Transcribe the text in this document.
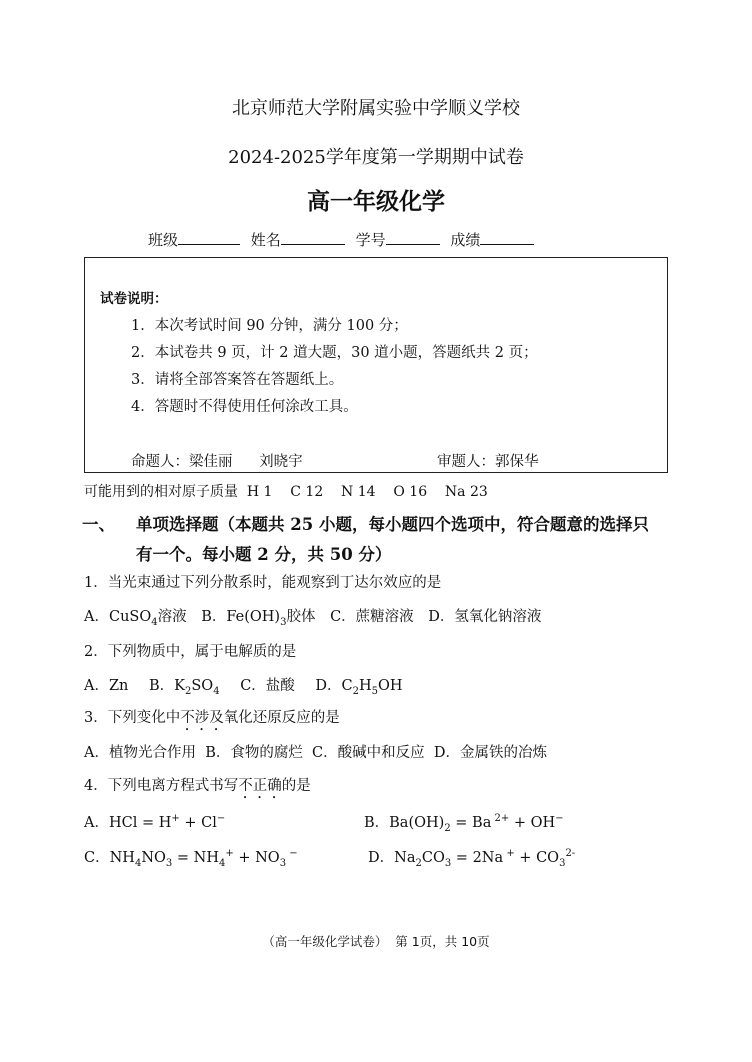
北京师范大学附属实验中学顺义学校
2024-2025学年度第一学期期中试卷
高一年级化学
班级	姓名	学号	成绩
试卷说明：
1．本次考试时间 90 分钟，满分 100 分；
2．本试卷共 9 页，计 2 道大题，30 道小题，答题纸共 2 页；
3．请将全部答案答在答题纸上。
4．答题时不得使用任何涂改工具。
命题人：梁佳丽 刘晓宇	审题人：郭保华
可能用到的相对原子质量  H 1    C 12    N 14    O 16    Na 23
一、 单项选择题（本题共 25 小题，每小题四个选项中，符合题意的选择只
有一个。每小题 2 分，共 50 分）
1．当光束通过下列分散系时，能观察到丁达尔效应的是
A．CuSO$_4$溶液 B．$Fe(OH)_3$胶体 C．蔗糖溶液 D．氢氧化钠溶液
2．下列物质中，属于电解质的是
A．Zn B．$K_2SO_4$ C．盐酸 D．$C_2H_5OH$
3．下列变化中不涉及氧化还原反应的是
A．植物光合作用  B．食物的腐烂  C．酸碱中和反应  D．金属铁的冶炼
4．下列电离方程式书写不正确的是
A．HCl = H+ + Cl−	B．$Ba(OH)_2 = Ba$ $^{2+}$ + OH−
C．$NH_4NO_3 = NH_4^+ + NO_3$ −	D．$Na_2CO_3 = 2Na$ $^+ + CO_3^{2-}$
（高一年级化学试卷）  第 1页，共 10页
